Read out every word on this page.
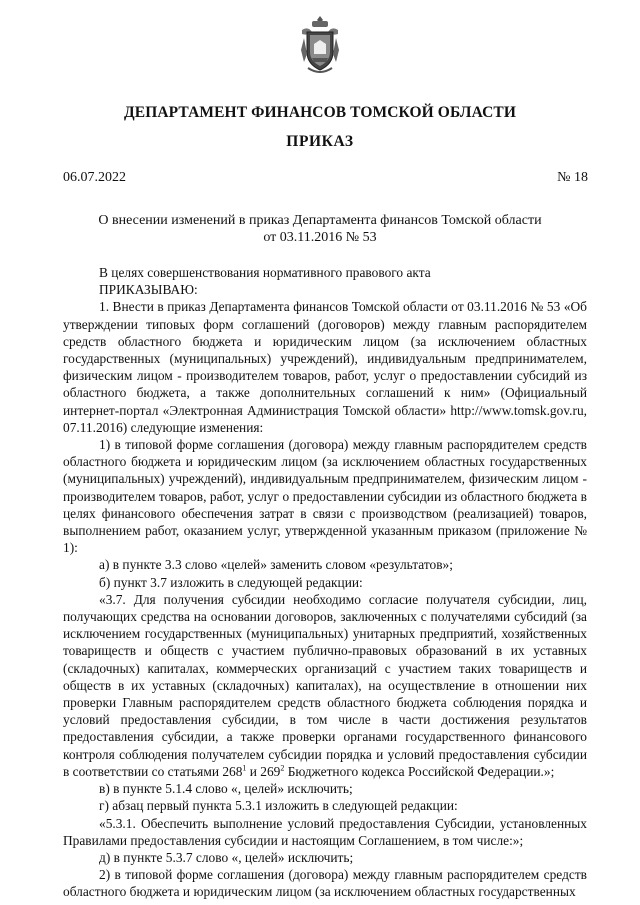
ДЕПАРТАМЕНТ ФИНАНСОВ ТОМСКОЙ ОБЛАСТИ
ПРИКАЗ
06.07.2022	№ 18
О внесении изменений в приказ Департамента финансов Томской области
от 03.11.2016 № 53

В целях совершенствования нормативного правового акта

ПРИКАЗЫВАЮ:

1. Внести в приказ Департамента финансов Томской области от 03.11.2016 № 53 «Об утверждении типовых форм соглашений (договоров) между главным распорядителем средств областного бюджета и юридическим лицом (за исключением областных государственных (муниципальных) учреждений), индивидуальным предпринимателем, физическим лицом - производителем товаров, работ, услуг о предоставлении субсидий из областного бюджета, а также дополнительных соглашений к ним» (Официальный интернет-портал «Электронная Администрация Томской области» http://www.tomsk.gov.ru, 07.11.2016) следующие изменения:

1) в типовой форме соглашения (договора) между главным распорядителем средств областного бюджета и юридическим лицом (за исключением областных государственных (муниципальных) учреждений), индивидуальным предпринимателем, физическим лицом - производителем товаров, работ, услуг о предоставлении субсидии из областного бюджета в целях финансового обеспечения затрат в связи с производством (реализацией) товаров, выполнением работ, оказанием услуг, утвержденной указанным приказом (приложение № 1):

а) в пункте 3.3 слово «целей» заменить словом «результатов»;

б) пункт 3.7 изложить в следующей редакции:

«3.7. Для получения субсидии необходимо согласие получателя субсидии, лиц, получающих средства на основании договоров, заключенных с получателями субсидий (за исключением государственных (муниципальных) унитарных предприятий, хозяйственных товариществ и обществ с участием публично-правовых образований в их уставных (складочных) капиталах, коммерческих организаций с участием таких товариществ и обществ в их уставных (складочных) капиталах), на осуществление в отношении них проверки Главным распорядителем средств областного бюджета соблюдения порядка и условий предоставления субсидии, в том числе в части достижения результатов предоставления субсидии, а также проверки органами государственного финансового контроля соблюдения получателем субсидии порядка и условий предоставления субсидии в соответствии со статьями $268^1$ и $269^2$ Бюджетного кодекса Российской Федерации.»;

в) в пункте 5.1.4 слово «, целей» исключить;

г) абзац первый пункта 5.3.1 изложить в следующей редакции:

«5.3.1. Обеспечить выполнение условий предоставления Субсидии, установленных Правилами предоставления субсидии и настоящим Соглашением, в том числе:»;

д) в пункте 5.3.7 слово «, целей» исключить;

2) в типовой форме соглашения (договора) между главным распорядителем средств областного бюджета и юридическим лицом (за исключением областных государственных
